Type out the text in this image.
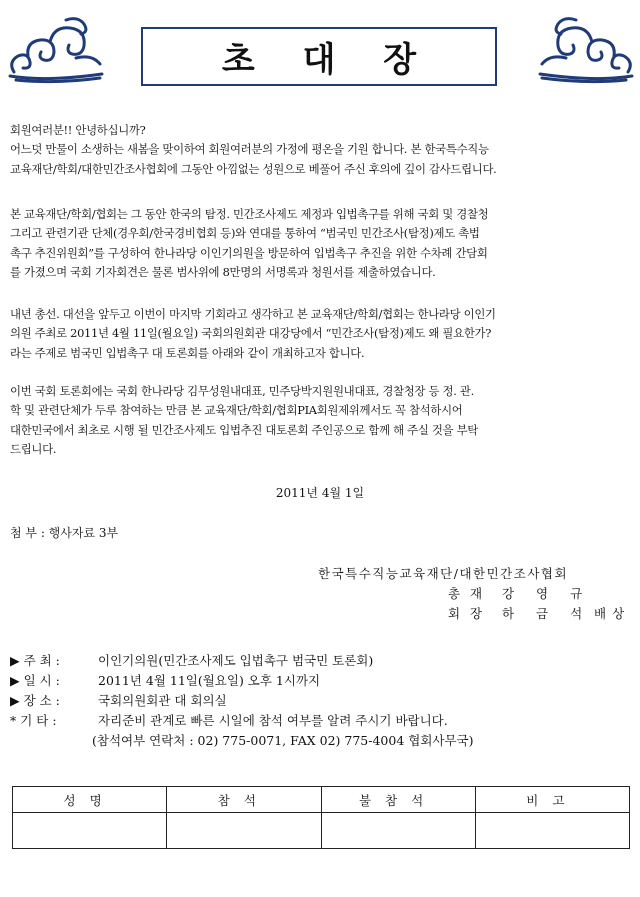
초 대 장

회원여러분!! 안녕하십니까?

어느덧 만물이 소생하는 새봄을 맞이하여 회원여러분의 가정에 평온을 기원 합니다. 본 한국특수직능

교육재단/학회/대한민간조사협회에 그동안 아낌없는 성원으로 베풀어 주신 후의에 깊이 감사드립니다.

본 교육재단/학회/협회는 그 동안 한국의 탐정. 민간조사제도 제정과 입법촉구를 위해 국회 및 경찰청

그리고 관련기관 단체(경우회/한국경비협회 등)와 연대를 통하여 “범국민 민간조사(탐정)제도 촉법

촉구 추진위원회”를 구성하여 한나라당 이인기의원을 방문하여 입법촉구 추진을 위한 수차례 간담회

를 가졌으며 국회 기자회견은 물론 범사위에 8만명의 서명록과 청원서를 제출하였습니다.

내년 총선. 대선을 앞두고 이번이 마지막 기회라고 생각하고 본 교육재단/학회/협회는 한나라당 이인기

의원 주최로 2011년 4월 11일(월요일) 국회의원회관 대강당에서 “민간조사(탐정)제도 왜 필요한가?

라는 주제로 범국민 입법촉구 대 토론회를 아래와 같이 개최하고자 합니다.

이번 국회 토론회에는 국회 한나라당 김무성원내대표, 민주당박지원원내대표, 경찰청장 등 정. 관.

학 및 관련단체가 두루 참여하는 만큼 본 교육재단/학회/협회PIA회원제위께서도 꼭 참석하시어

대한민국에서 최초로 시행 될 민간조사제도 입법추진 대토론회 주인공으로 함께 해 주실 것을 부탁

드립니다.

2011년 4월 1일
첨 부 : 행사자료 3부
한국특수직능교육재단/대한민간조사협회
총 재 강 영 규
회 장 하 금 석 배상
▶ 주 최 :	이인기의원(민간조사제도 입법촉구 범국민 토론회)
▶ 일 시 :	2011년 4월 11일(월요일) 오후 1시까지
▶ 장 소 :	국회의원회관 대 회의실
* 기 타 :	자리준비 관계로 빠른 시일에 참석 여부를 알려 주시기 바랍니다.
(참석여부 연락처 : 02) 775-0071, FAX 02) 775-4004 협회사무국)
성명	참석	불참석	비고
